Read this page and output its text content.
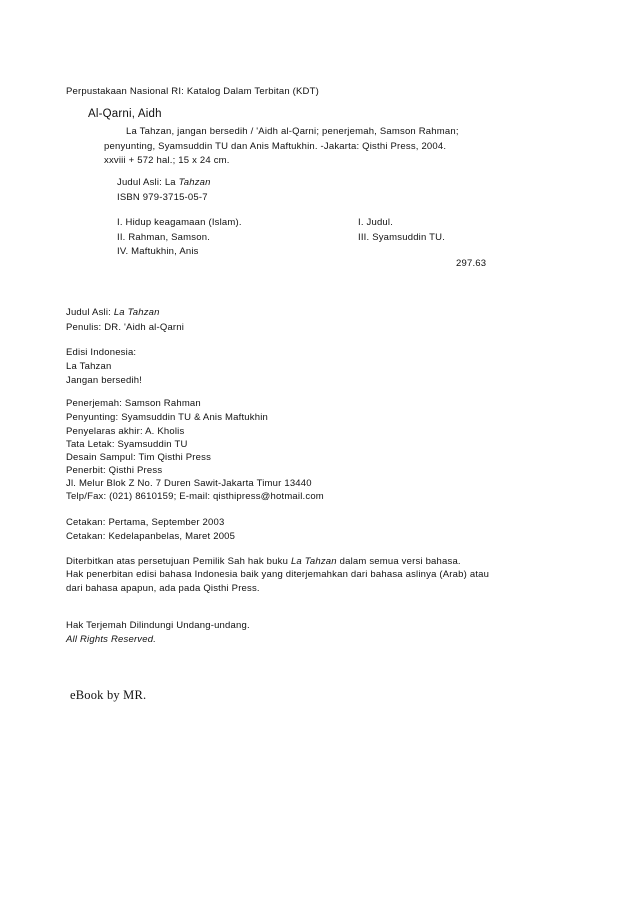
Perpustakaan Nasional RI: Katalog Dalam Terbitan (KDT)
Al-Qarni, Aidh
La Tahzan, jangan bersedih / 'Aidh al-Qarni; penerjemah, Samson Rahman;
penyunting, Syamsuddin TU dan Anis Maftukhin. -Jakarta: Qisthi Press, 2004.
xxviii + 572 hal.; 15 x 24 cm.
Judul Asli: La Tahzan
ISBN 979-3715-05-7
I. Hidup keagamaan (Islam).
II. Rahman, Samson.
IV. Maftukhin, Anis
I. Judul.
III. Syamsuddin TU.
297.63
Judul Asli: La Tahzan
Penulis: DR. 'Aidh al-Qarni
Edisi Indonesia:
La Tahzan
Jangan bersedih!
Penerjemah: Samson Rahman
Penyunting: Syamsuddin TU & Anis Maftukhin
Penyelaras akhir: A. Kholis
Tata Letak: Syamsuddin TU
Desain Sampul: Tim Qisthi Press
Penerbit: Qisthi Press
Jl. Melur Blok Z No. 7 Duren Sawit-Jakarta Timur 13440
Telp/Fax: (021) 8610159; E-mail: qisthipress@hotmail.com
Cetakan: Pertama, September 2003
Cetakan: Kedelapanbelas, Maret 2005
Diterbitkan atas persetujuan Pemilik Sah hak buku La Tahzan dalam semua versi bahasa.
Hak penerbitan edisi bahasa Indonesia baik yang diterjemahkan dari bahasa aslinya (Arab) atau
dari bahasa apapun, ada pada Qisthi Press.
Hak Terjemah Dilindungi Undang-undang.
All Rights Reserved.
eBook by MR.
